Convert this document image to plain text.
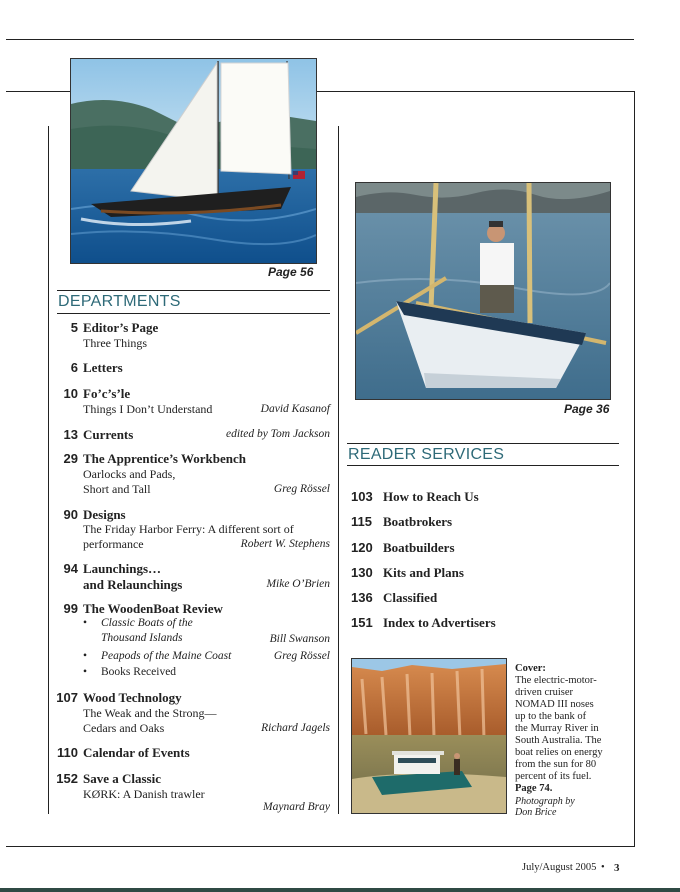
Page 56
Page 36
DEPARTMENTS
5 Editor’s Page
Three Things
6 Letters
10 Fo’c’s’le
Things I Don’t Understand	David Kasanof
13 Currents	edited by Tom Jackson
29 The Apprentice’s Workbench
Oarlocks and Pads,
Short and Tall	Greg Rössel
90 Designs
The Friday Harbor Ferry: A different sort of
performance	Robert W. Stephens
94 Launchings…
and Relaunchings	Mike O’Brien
99 The WoodenBoat Review
• Classic Boats of the
Thousand Islands	Bill Swanson
• Peapods of the Maine Coast	Greg Rössel
• Books Received
107 Wood Technology
The Weak and the Strong—
Cedars and Oaks	Richard Jagels
110 Calendar of Events
152 Save a Classic
KØRK: A Danish trawler
Maynard Bray
READER SERVICES
103 How to Reach Us
115 Boatbrokers
120 Boatbuilders
130 Kits and Plans
136 Classified
151 Index to Advertisers
Cover:
The electric-motor-
driven cruiser
NOMAD III noses
up to the bank of
the Murray River in
South Australia. The
boat relies on energy
from the sun for 80
percent of its fuel.
Page 74.
Photograph by
Don Brice
July/August 2005 • 3
